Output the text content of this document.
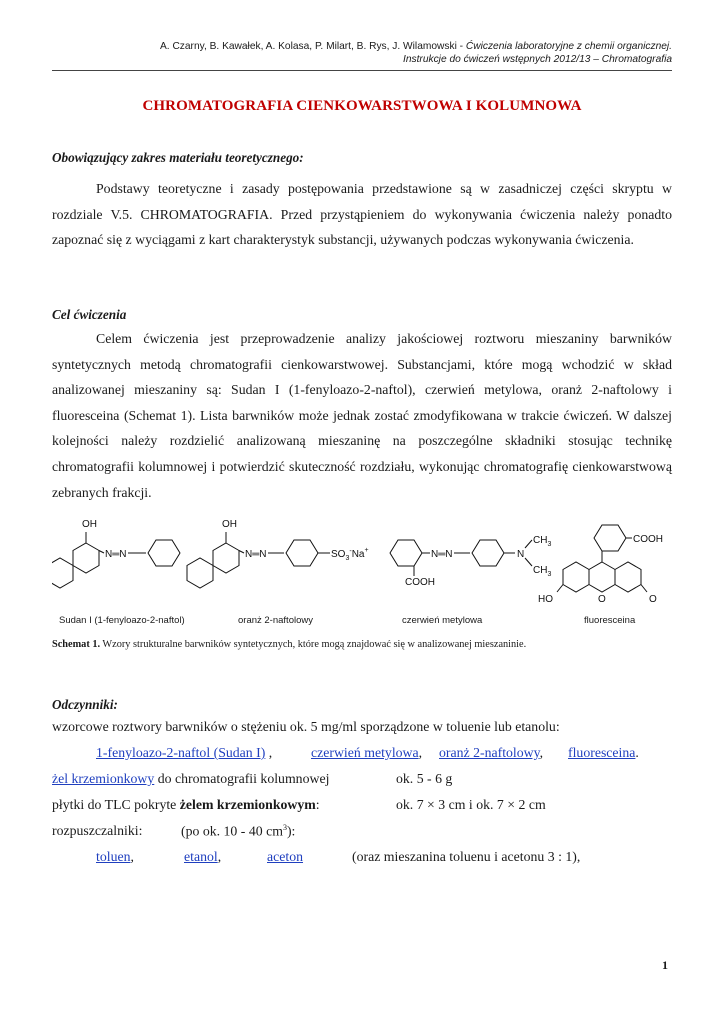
A. Czarny, B. Kawałek, A. Kolasa, P. Milart, B. Rys, J. Wilamowski - Ćwiczenia laboratoryjne z chemii organicznej.
Instrukcje do ćwiczeń wstępnych 2012/13 – Chromatografia
CHROMATOGRAFIA CIENKOWARSTWOWA I KOLUMNOWA
Obowiązujący zakres materiału teoretycznego:

Podstawy teoretyczne i zasady postępowania przedstawione są w zasadniczej części skryptu w rozdziale V.5. CHROMATOGRAFIA. Przed przystąpieniem do wykonywania ćwiczenia należy ponadto zapoznać się z wyciągami z kart charakterystyk substancji, używanych podczas wykonywania ćwiczenia.

Cel ćwiczenia

Celem ćwiczenia jest przeprowadzenie analizy jakościowej roztworu mieszaniny barwników syntetycznych metodą chromatografii cienkowarstwowej. Substancjami, które mogą wchodzić w skład analizowanej mieszaniny są: Sudan I (1-fenyloazo-2-naftol), czerwień metylowa, oranż 2-naftolowy i fluoresceina (Schemat 1). Lista barwników może jednak zostać zmodyfikowana w trakcie ćwiczeń. W dalszej kolejności należy rozdzielić analizowaną mieszaninę na poszczególne składniki stosując technikę chromatografii kolumnowej i potwierdzić skuteczność rozdziału, wykonując chromatografię cienkowarstwową zebranych frakcji.

OH
N═N
OH
N═N	$SO_3^-Na^+$	N═N	N
$CH_3$
$CH_3$
COOH
COOH
HO	O	O
Sudan I (1-fenyloazo-2-naftol)	oranż 2-naftolowy	czerwień metylowa	fluoresceina
Schemat 1. Wzory strukturalne barwników syntetycznych, które mogą znajdować się w analizowanej mieszaninie.
Odczynniki:
wzorcowe roztwory barwników o stężeniu ok. 5 mg/ml sporządzone w toluenie lub etanolu:
1-fenyloazo-2-naftol (Sudan I) ,	czerwień metylowa, oranż 2-naftolowy, fluoresceina.
żel krzemionkowy do chromatografii kolumnowej	ok. 5 - 6 g
płytki do TLC pokryte żelem krzemionkowym:	ok. 7 × 3 cm i ok. 7 × 2 cm
rozpuszczalniki:	(po ok. 10 - 40 $cm^3$):
toluen,	etanol,	aceton	(oraz mieszanina toluenu i acetonu 3 : 1),
1
